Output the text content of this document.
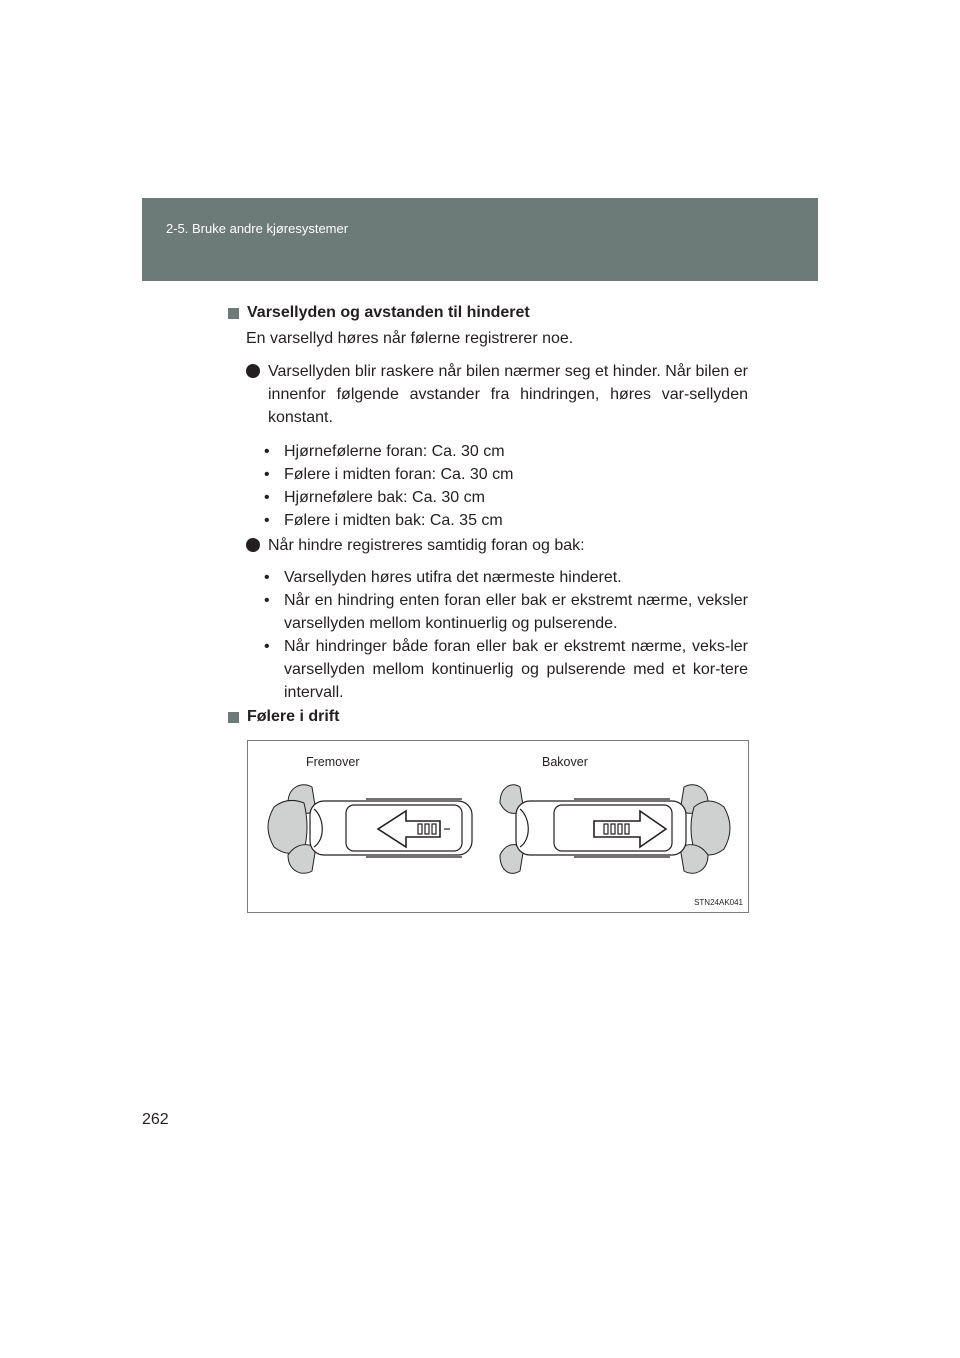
2-5. Bruke andre kjøresystemer
Varsellyden og avstanden til hinderet
En varsellyd høres når følerne registrerer noe.
Varsellyden blir raskere når bilen nærmer seg et hinder. Når bilen er innenfor følgende avstander fra hindringen, høres var-sellyden konstant.
• Hjørnefølerne foran: Ca. 30 cm
• Følere i midten foran: Ca. 30 cm
• Hjørnefølere bak: Ca. 30 cm
• Følere i midten bak: Ca. 35 cm
Når hindre registreres samtidig foran og bak:
• Varsellyden høres utifra det nærmeste hinderet.
• Når en hindring enten foran eller bak er ekstremt nærme, veksler varsellyden mellom kontinuerlig og pulserende.
• Når hindringer både foran eller bak er ekstremt nærme, veks-ler varsellyden mellom kontinuerlig og pulserende med et kor-tere intervall.
Følere i drift
Fremover	Bakover
STN24AK041
262
